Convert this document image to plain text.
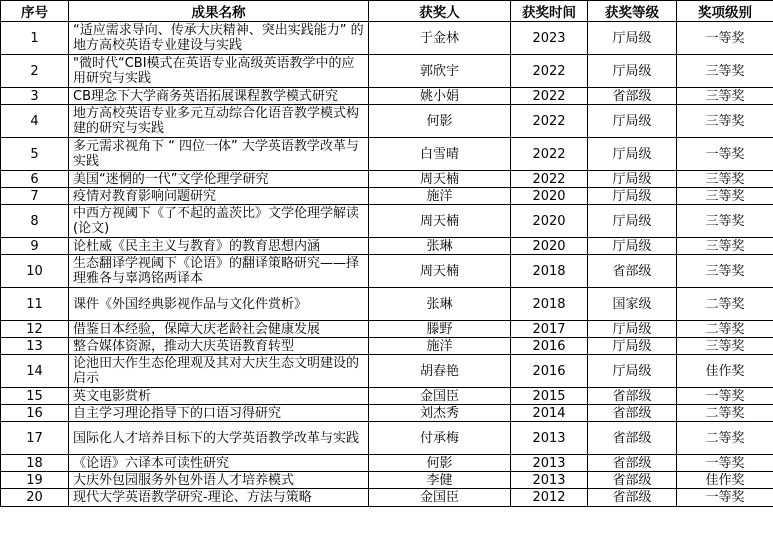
序号	成果名称	获奖人	获奖时间	获奖等级	奖项级别
1	“适应需求导向、传承大庆精神、突出实践能力” 的地方高校英语专业建设与实践	于金林	2023	厅局级	一等奖
2	"微时代“CBI模式在英语专业高级英语教学中的应用研究与实践	郭欣宇	2022	厅局级	三等奖
3	CB理念下大学商务英语拓展课程教学模式研究	姚小娟	2022	省部级	三等奖
4	地方高校英语专业多元互动综合化语音教学模式构建的研究与实践	何影	2022	厅局级	三等奖
5	多元需求视角下 “ 四位一体” 大学英语教学改革与实践	白雪晴	2022	厅局级	一等奖
6	美国“迷惘的一代”文学伦理学研究	周天楠	2022	厅局级	三等奖
7	疫情对教育影响问题研究	施洋	2020	厅局级	三等奖
8	中西方视阈下《了不起的盖茨比》文学伦理学解读(论文)	周天楠	2020	厅局级	三等奖
9	论杜威《民主主义与教育》的教育思想内涵	张琳	2020	厅局级	三等奖
10	生态翻译学视阈下《论语》的翻译策略研究——择理雅各与辜鸿铭两译本	周天楠	2018	省部级	三等奖
11	课件《外国经典影视作品与文化件赏析》	张琳	2018	国家级	二等奖
12	借鉴日本经验，保障大庆老龄社会健康发展	滕野	2017	厅局级	二等奖
13	整合媒体资源，推动大庆英语教育转型	施洋	2016	厅局级	三等奖
14	论池田大作生态伦理观及其对大庆生态文明建设的启示	胡春艳	2016	厅局级	佳作奖
15	英文电影赏析	金国臣	2015	省部级	一等奖
16	自主学习理论指导下的口语习得研究	刘杰秀	2014	省部级	二等奖
17	国际化人才培养目标下的大学英语教学改革与实践	付承梅	2013	省部级	二等奖
18	《论语》六译本可读性研究	何影	2013	省部级	一等奖
19	大庆外包园服务外包外语人才培养模式	李健	2013	省部级	佳作奖
20	现代大学英语教学研究-理论、方法与策略	金国臣	2012	省部级	一等奖
